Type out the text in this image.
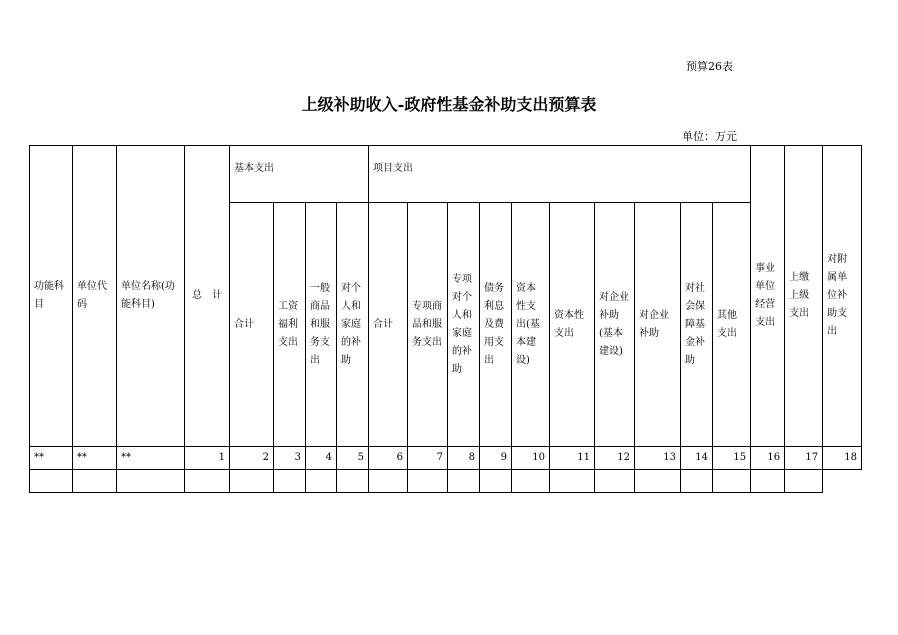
预算26表
上级补助收入-政府性基金补助支出预算表
单位：万元
功能科目	单位代码	单位名称(功能科目)	总　计	基本支出				项目支出										事业单位经营支出	上缴上级支出	对附属单位补助支出
				合计	工资福利支出	一般商品和服务支出	对个人和家庭的补助	合计	专项商品和服务支出	专项对个人和家庭的补助	债务利息及费用支出	资本性支出(基本建设)	资本性支出	对企业补助(基本建设)	对企业补助	对社会保障基金补助	其他支出			
**	**	**	1	2	3	4	5	6	7	8	9	10	11	12	13	14	15	16	17	18
